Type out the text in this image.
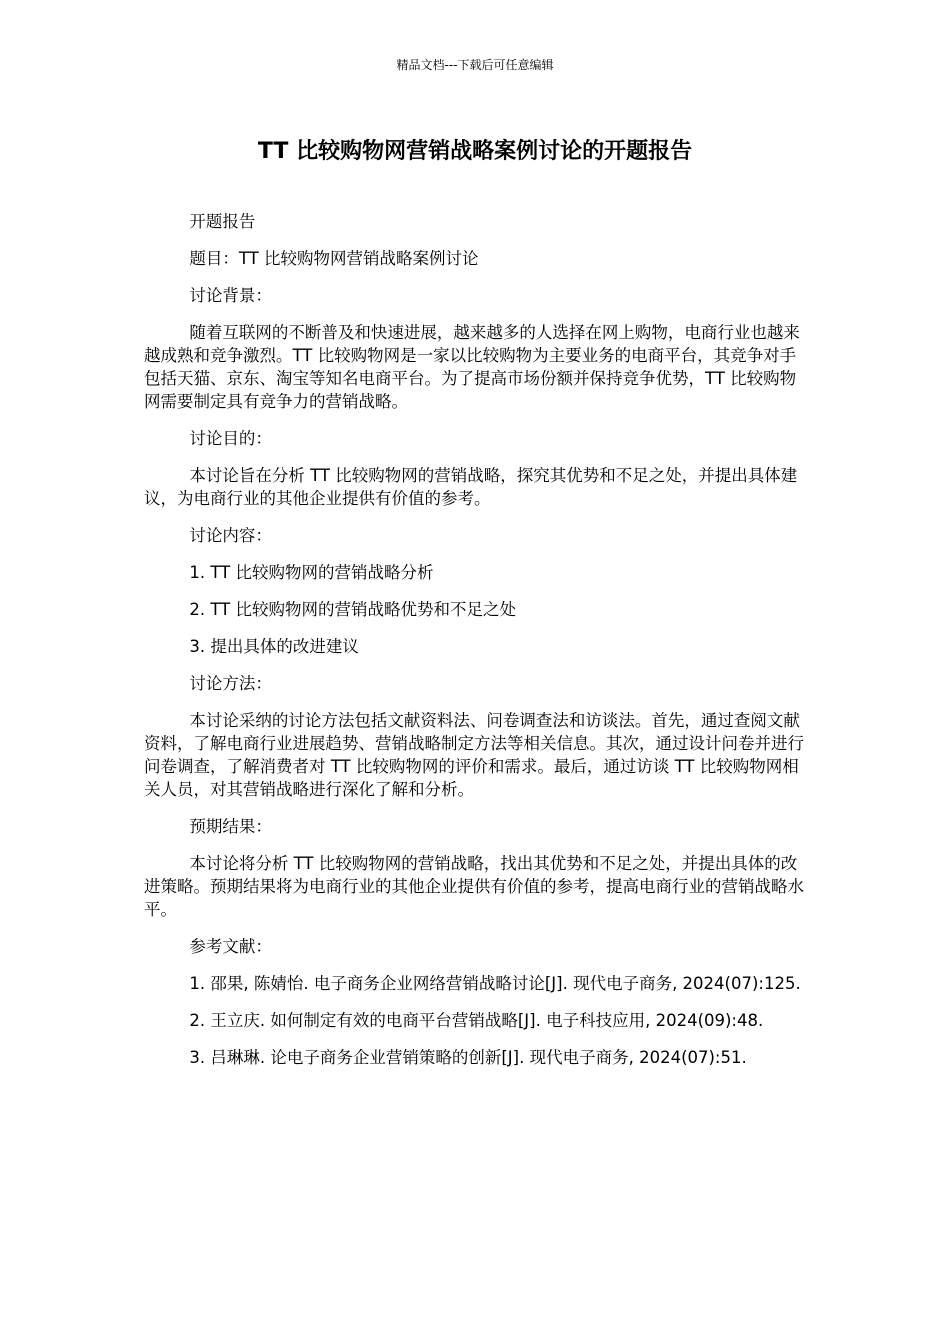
精品文档---下载后可任意编辑
TT 比较购物网营销战略案例讨论的开题报告

开题报告

题目：TT 比较购物网营销战略案例讨论

讨论背景：

随着互联网的不断普及和快速进展，越来越多的人选择在网上购物，电商行业也越来越成熟和竞争激烈。TT 比较购物网是一家以比较购物为主要业务的电商平台，其竞争对手包括天猫、京东、淘宝等知名电商平台。为了提高市场份额并保持竞争优势，TT 比较购物网需要制定具有竞争力的营销战略。

讨论目的：

本讨论旨在分析 TT 比较购物网的营销战略，探究其优势和不足之处，并提出具体建议，为电商行业的其他企业提供有价值的参考。

讨论内容：

1. TT 比较购物网的营销战略分析

2. TT 比较购物网的营销战略优势和不足之处

3. 提出具体的改进建议

讨论方法：

本讨论采纳的讨论方法包括文献资料法、问卷调查法和访谈法。首先，通过查阅文献资料，了解电商行业进展趋势、营销战略制定方法等相关信息。其次，通过设计问卷并进行问卷调查，了解消费者对 TT 比较购物网的评价和需求。最后，通过访谈 TT 比较购物网相关人员，对其营销战略进行深化了解和分析。

预期结果：

本讨论将分析 TT 比较购物网的营销战略，找出其优势和不足之处，并提出具体的改进策略。预期结果将为电商行业的其他企业提供有价值的参考，提高电商行业的营销战略水平。

参考文献：

1. 邵果, 陈婧怡. 电子商务企业网络营销战略讨论[J]. 现代电子商务, 2024(07):125.

2. 王立庆. 如何制定有效的电商平台营销战略[J]. 电子科技应用, 2024(09):48.

3. 吕琳琳. 论电子商务企业营销策略的创新[J]. 现代电子商务, 2024(07):51.
